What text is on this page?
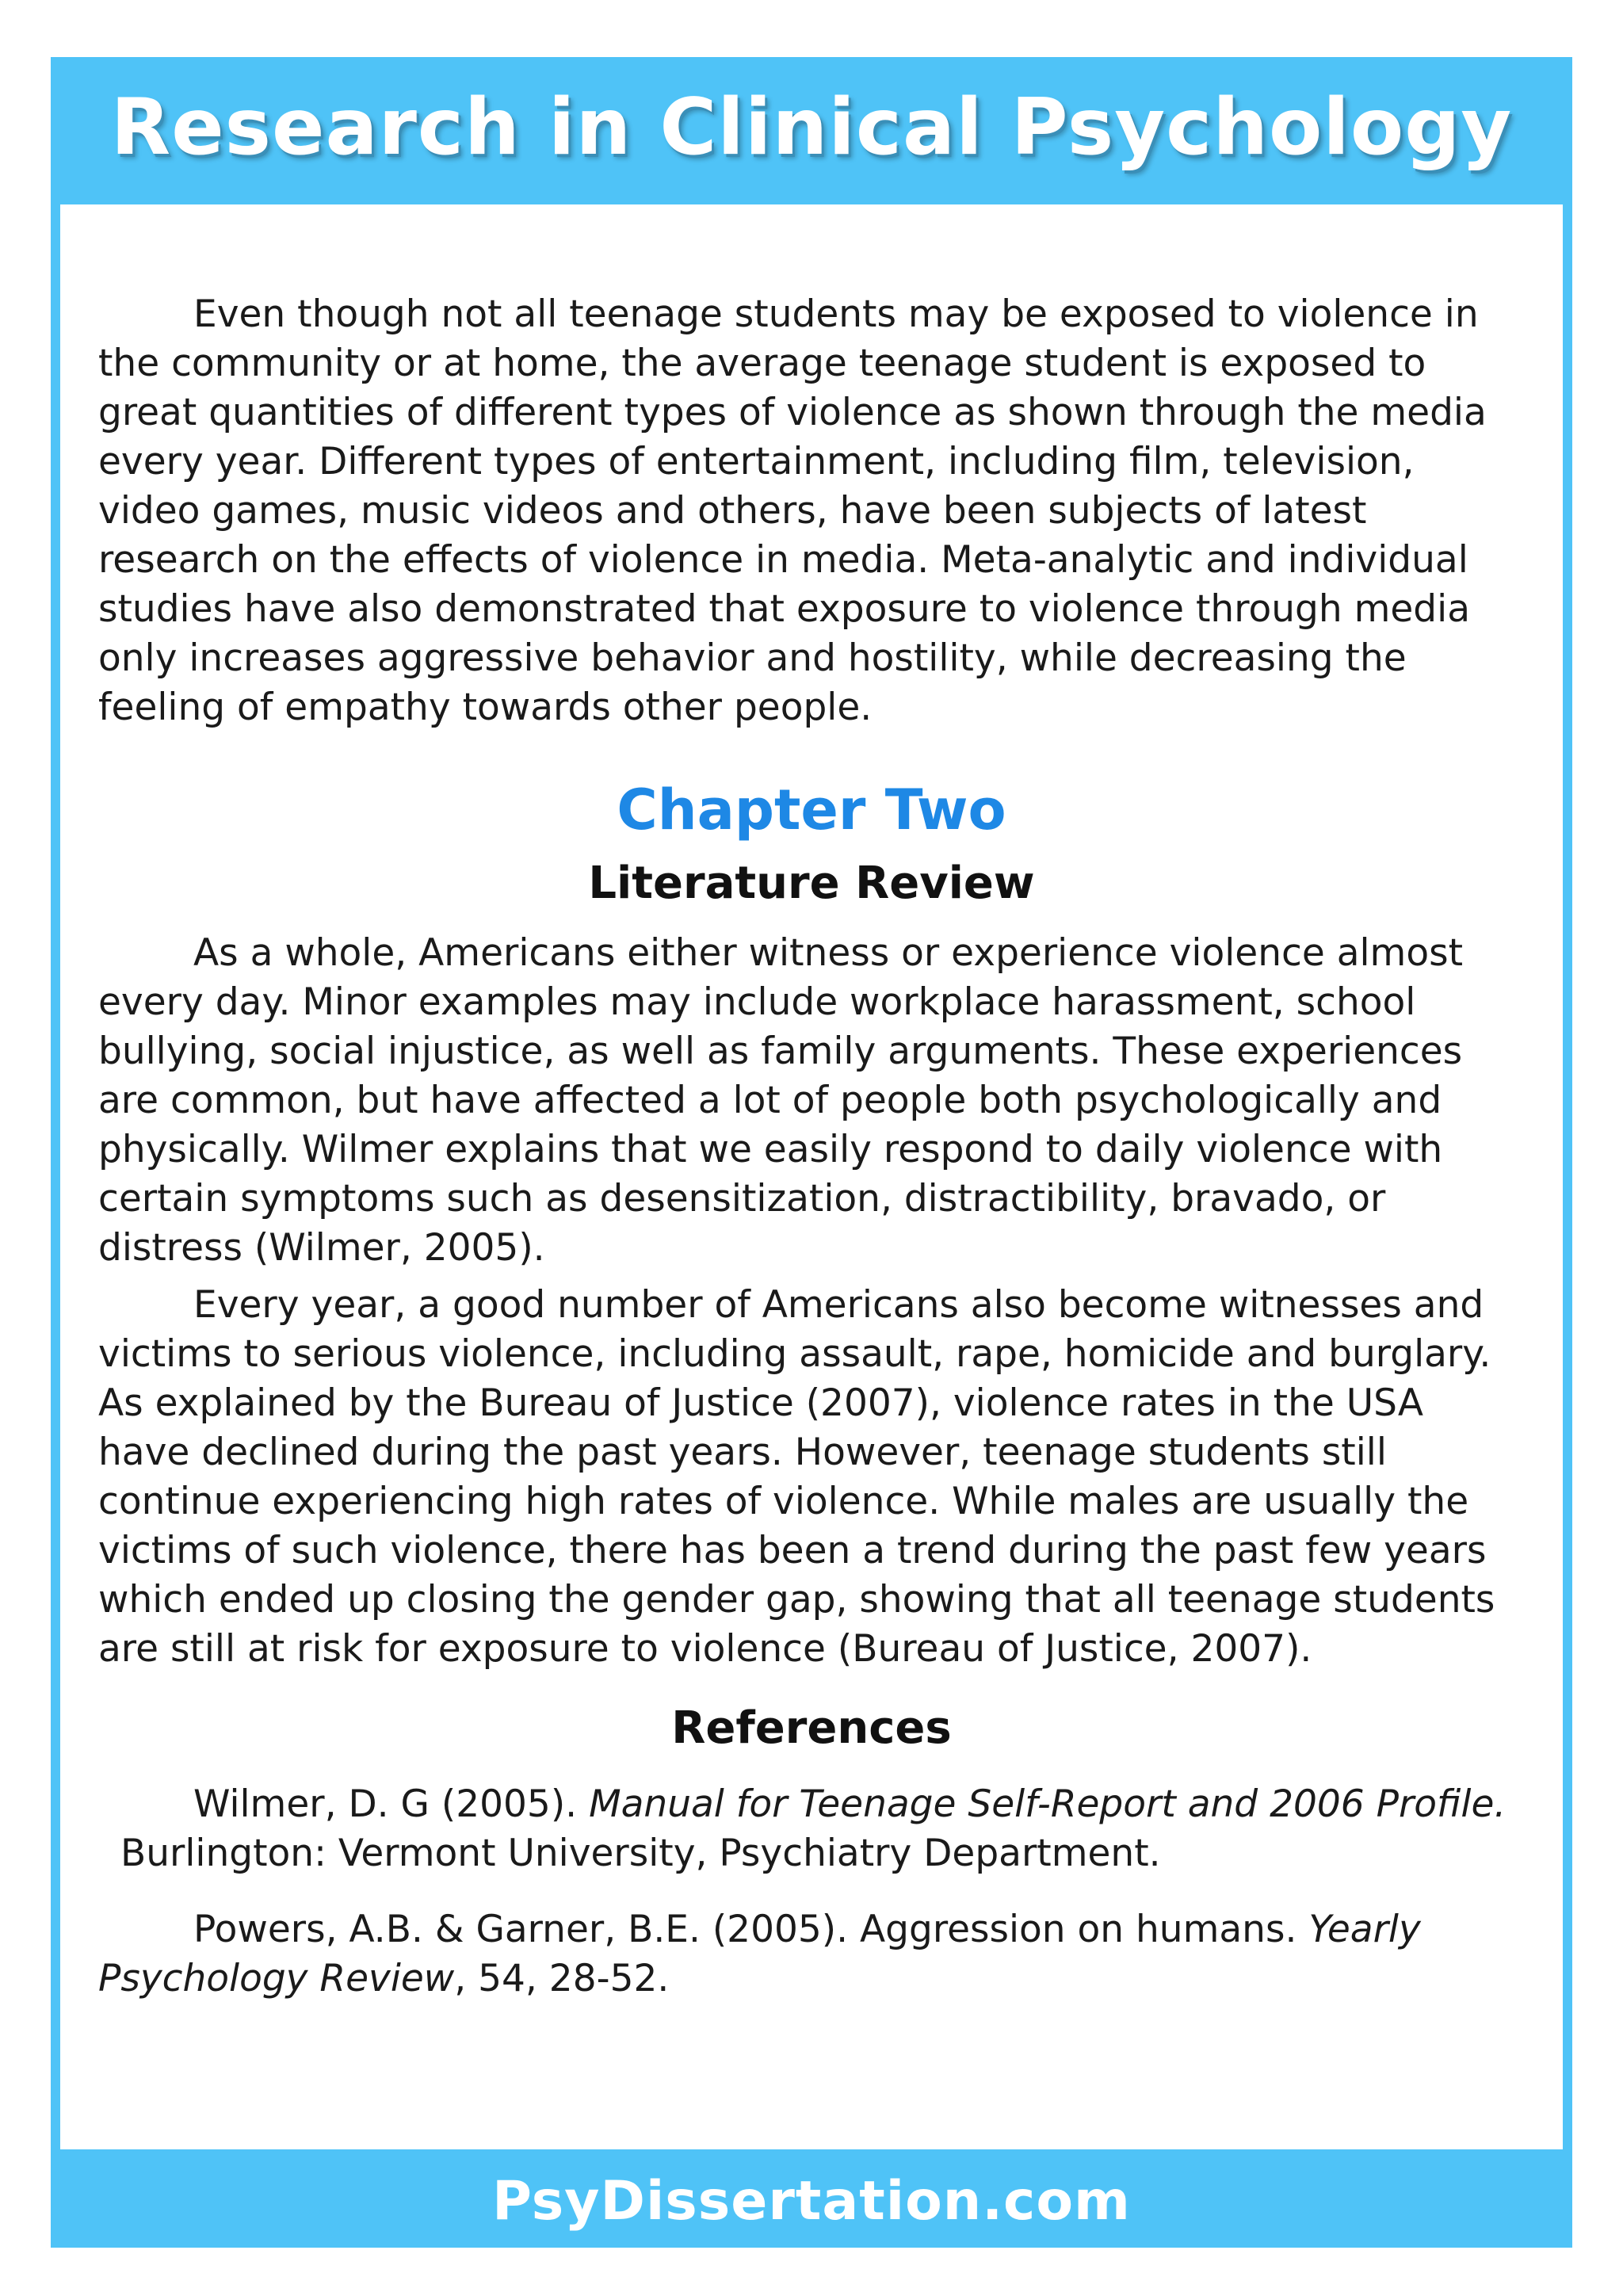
Research in Clinical Psychology

Even though not all teenage students may be exposed to violence in the community or at home, the average teenage student is exposed to great quantities of different types of violence as shown through the media every year. Different types of entertainment, including film, television, video games, music videos and others, have been subjects of latest research on the effects of violence in media. Meta-analytic and individual studies have also demonstrated that exposure to violence through media only increases aggressive behavior and hostility, while decreasing the feeling of empathy towards other people.

Chapter Two
Literature Review

As a whole, Americans either witness or experience violence almost every day. Minor examples may include workplace harassment, school bullying, social injustice, as well as family arguments. These experiences are common, but have affected a lot of people both psychologically and physically. Wilmer explains that we easily respond to daily violence with certain symptoms such as desensitization, distractibility, bravado, or distress (Wilmer, 2005).

Every year, a good number of Americans also become witnesses and victims to serious violence, including assault, rape, homicide and burglary. As explained by the Bureau of Justice (2007), violence rates in the USA have declined during the past years. However, teenage students still continue experiencing high rates of violence. While males are usually the victims of such violence, there has been a trend during the past few years which ended up closing the gender gap, showing that all teenage students are still at risk for exposure to violence (Bureau of Justice, 2007).

References

Wilmer, D. G (2005). Manual for Teenage Self-Report and 2006 Profile.

Burlington: Vermont University, Psychiatry Department.

Powers, A.B. & Garner, B.E. (2005). Aggression on humans. Yearly Psychology Review, 54, 28-52.

PsyDissertation.com
